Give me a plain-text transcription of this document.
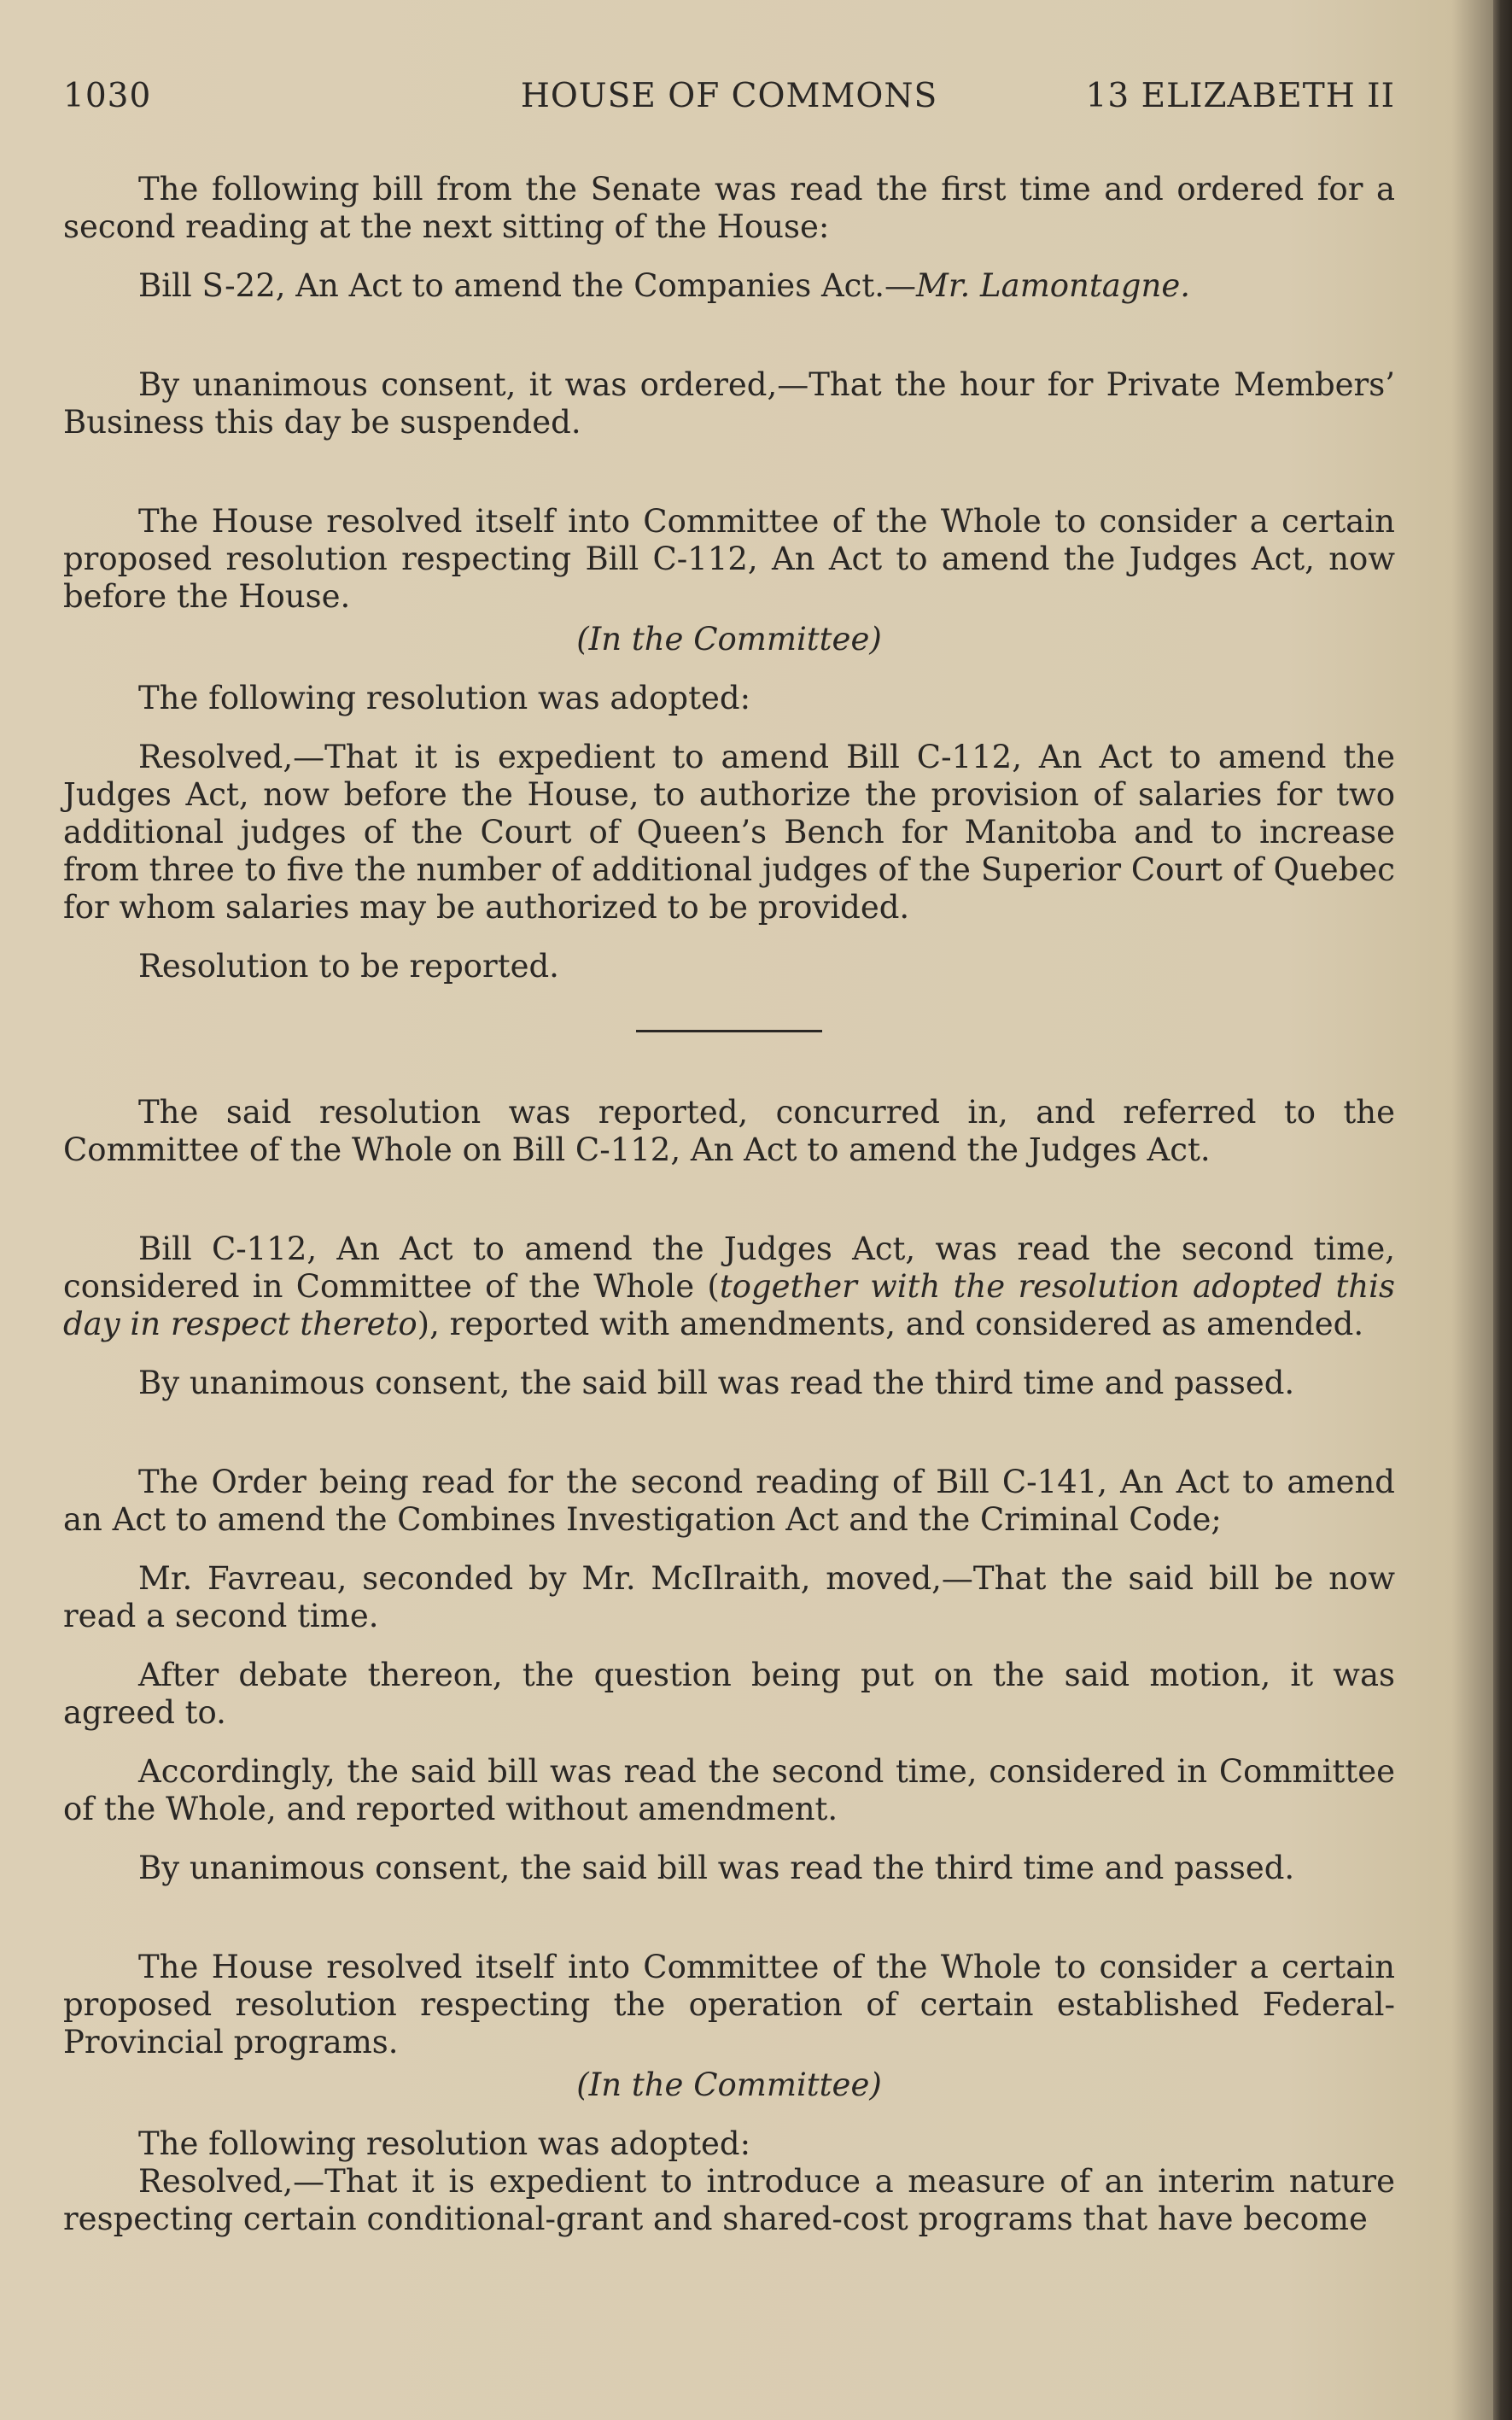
1030	HOUSE OF COMMONS	13 ELIZABETH II

The following bill from the Senate was read the first time and ordered for a second reading at the next sitting of the House:

Bill S-22, An Act to amend the Companies Act.—Mr. Lamontagne.

By unanimous consent, it was ordered,—That the hour for Private Members’ Business this day be suspended.

The House resolved itself into Committee of the Whole to consider a certain proposed resolution respecting Bill C-112, An Act to amend the Judges Act, now before the House.

(In the Committee)

The following resolution was adopted:

Resolved,—That it is expedient to amend Bill C-112, An Act to amend the Judges Act, now before the House, to authorize the provision of salaries for two additional judges of the Court of Queen’s Bench for Manitoba and to increase from three to five the number of additional judges of the Superior Court of Quebec for whom salaries may be authorized to be provided.

Resolution to be reported.

The said resolution was reported, concurred in, and referred to the Committee of the Whole on Bill C-112, An Act to amend the Judges Act.

Bill C-112, An Act to amend the Judges Act, was read the second time, considered in Committee of the Whole (together with the resolution adopted this day in respect thereto), reported with amendments, and considered as amended.

By unanimous consent, the said bill was read the third time and passed.

The Order being read for the second reading of Bill C-141, An Act to amend an Act to amend the Combines Investigation Act and the Criminal Code;

Mr. Favreau, seconded by Mr. McIlraith, moved,—That the said bill be now read a second time.

After debate thereon, the question being put on the said motion, it was agreed to.

Accordingly, the said bill was read the second time, considered in Committee of the Whole, and reported without amendment.

By unanimous consent, the said bill was read the third time and passed.

The House resolved itself into Committee of the Whole to consider a certain proposed resolution respecting the operation of certain established Federal-Provincial programs.

(In the Committee)

The following resolution was adopted:

Resolved,—That it is expedient to introduce a measure of an interim nature respecting certain conditional-grant and shared-cost programs that have become
